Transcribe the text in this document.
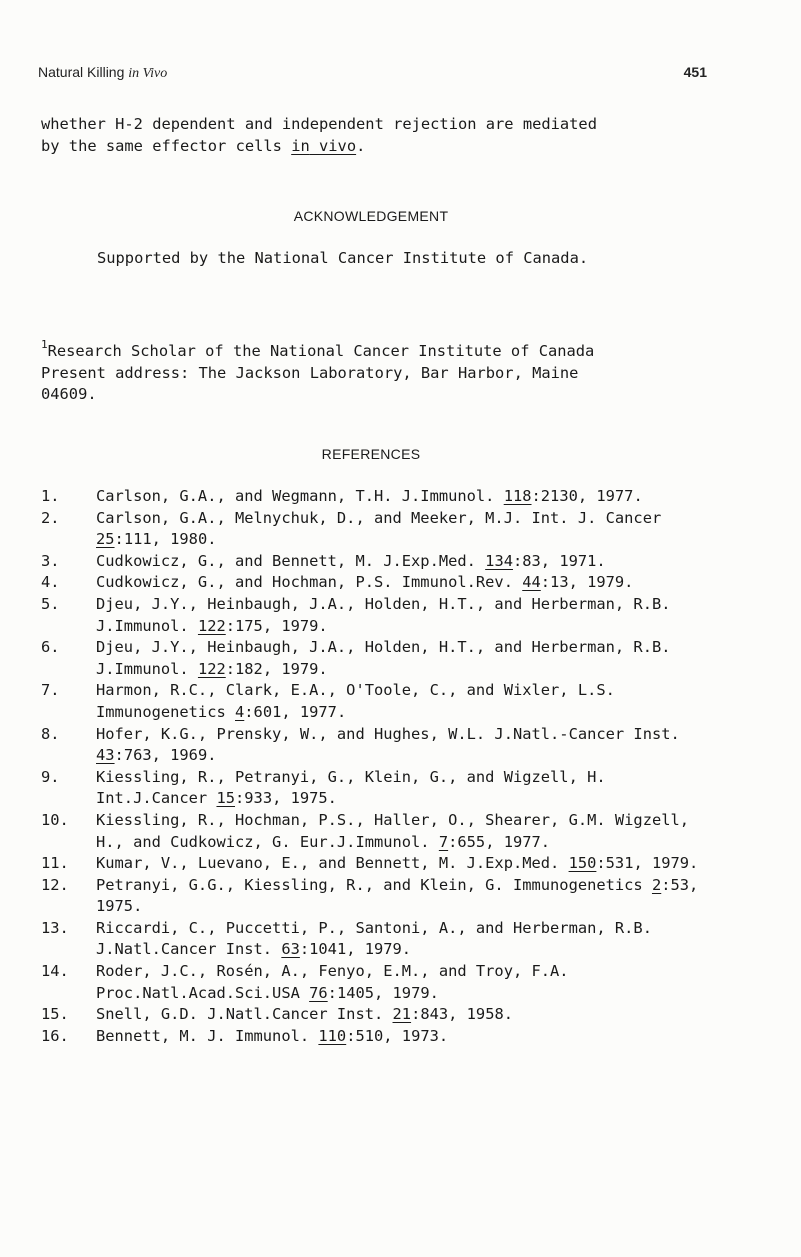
Natural Killing in Vivo	451

whether H-2 dependent and independent rejection are mediated

by the same effector cells in vivo.

ACKNOWLEDGEMENT
Supported by the National Cancer Institute of Canada.

$^1$Research Scholar of the National Cancer Institute of Canada

Present address: The Jackson Laboratory, Bar Harbor, Maine

04609.

REFERENCES
1. Carlson, G.A., and Wegmann, T.H. J.Immunol. 118:2130, 1977.
2. Carlson, G.A., Melnychuk, D., and Meeker, M.J. Int. J. Cancer 25:111, 1980.
3. Cudkowicz, G., and Bennett, M. J.Exp.Med. 134:83, 1971.
4. Cudkowicz, G., and Hochman, P.S. Immunol.Rev. 44:13, 1979.
5. Djeu, J.Y., Heinbaugh, J.A., Holden, H.T., and Herberman, R.B. J.Immunol. 122:175, 1979.
6. Djeu, J.Y., Heinbaugh, J.A., Holden, H.T., and Herberman, R.B. J.Immunol. 122:182, 1979.
7. Harmon, R.C., Clark, E.A., O'Toole, C., and Wixler, L.S. Immunogenetics 4:601, 1977.
8. Hofer, K.G., Prensky, W., and Hughes, W.L. J.Natl.-Cancer Inst. 43:763, 1969.
9. Kiessling, R., Petranyi, G., Klein, G., and Wigzell, H. Int.J.Cancer 15:933, 1975.
10. Kiessling, R., Hochman, P.S., Haller, O., Shearer, G.M. Wigzell, H., and Cudkowicz, G. Eur.J.Immunol. 7:655, 1977.
11. Kumar, V., Luevano, E., and Bennett, M. J.Exp.Med. 150:531, 1979.
12. Petranyi, G.G., Kiessling, R., and Klein, G. Immunogenetics 2:53, 1975.
13. Riccardi, C., Puccetti, P., Santoni, A., and Herberman, R.B. J.Natl.Cancer Inst. 63:1041, 1979.
14. Roder, J.C., Rosén, A., Fenyo, E.M., and Troy, F.A. Proc.Natl.Acad.Sci.USA 76:1405, 1979.
15. Snell, G.D. J.Natl.Cancer Inst. 21:843, 1958.
16. Bennett, M. J. Immunol. 110:510, 1973.
